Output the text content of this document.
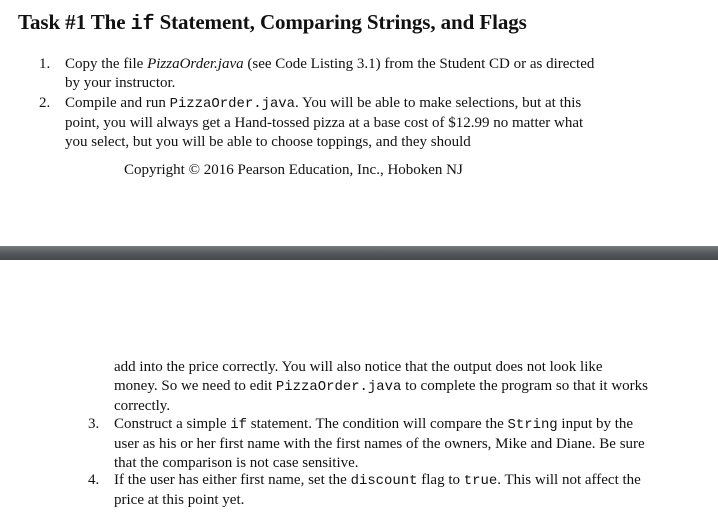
Task #1 The if Statement, Comparing Strings, and Flags
1. Copy the file PizzaOrder.java (see Code Listing 3.1) from the Student CD or as directed by your instructor.
2. Compile and run PizzaOrder.java. You will be able to make selections, but at this point, you will always get a Hand-tossed pizza at a base cost of $12.99 no matter what you select, but you will be able to choose toppings, and they should
Copyright © 2016 Pearson Education, Inc., Hoboken NJ
add into the price correctly. You will also notice that the output does not look like money. So we need to edit PizzaOrder.java to complete the program so that it works correctly.
3. Construct a simple if statement. The condition will compare the String input by the user as his or her first name with the first names of the owners, Mike and Diane. Be sure that the comparison is not case sensitive.
4. If the user has either first name, set the discount flag to true. This will not affect the price at this point yet.
